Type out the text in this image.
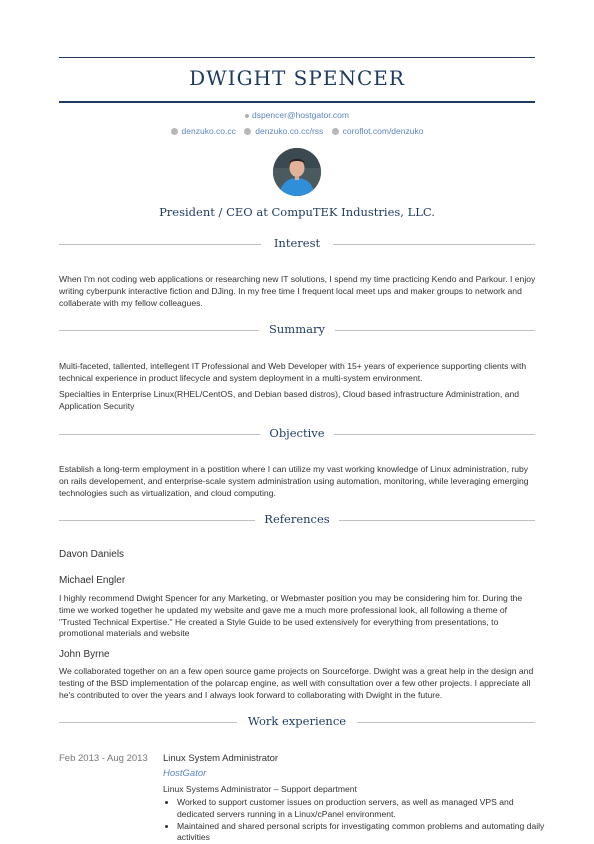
DWIGHT SPENCER
dspencer@hostgator.com
denzuko.co.cc denzuko.co.cc/rss coroflot.com/denzuko
President / CEO at CompuTEK Industries, LLC.
Interest
When I'm not coding web applications or researching new IT solutions, I spend my time practicing Kendo and Parkour. I enjoy writing cyberpunk interactive fiction and DJing. In my free time I frequent local meet ups and maker groups to network and collaberate with my fellow colleagues.
Summary
Multi-faceted, tallented, intellegent IT Professional and Web Developer with 15+ years of experience supporting clients with technical experience in product lifecycle and system deployment in a multi-system environment.
Specialties in Enterprise Linux(RHEL/CentOS, and Debian based distros), Cloud based infrastructure Administration, and Application Security
Objective
Establish a long-term employment in a postition where I can utilize my vast working knowledge of Linux administration, ruby on rails developement, and enterprise-scale system administration using automation, monitoring, while leveraging emerging technologies such as virtualization, and cloud computing.
References
Davon Daniels
Michael Engler
I highly recommend Dwight Spencer for any Marketing, or Webmaster position you may be considering him for. During the time we worked together he updated my website and gave me a much more professional look, all following a theme of "Trusted Technical Expertise." He created a Style Guide to be used extensively for everything from presentations, to promotional materials and website
John Byrne
We collaborated together on an a few open source game projects on Sourceforge. Dwight was a great help in the design and testing of the BSD implementation of the polarcap engine, as well with consultation over a few other projects. I appreciate all he's contributed to over the years and I always look forward to collaborating with Dwight in the future.
Work experience
Feb 2013 - Aug 2013 Linux System Administrator
HostGator
Linux Systems Administrator – Support department
• Worked to support customer issues on production servers, as well as managed VPS and dedicated servers running in a Linux/cPanel environment.
• Maintained and shared personal scripts for investigating common problems and automating daily activities
